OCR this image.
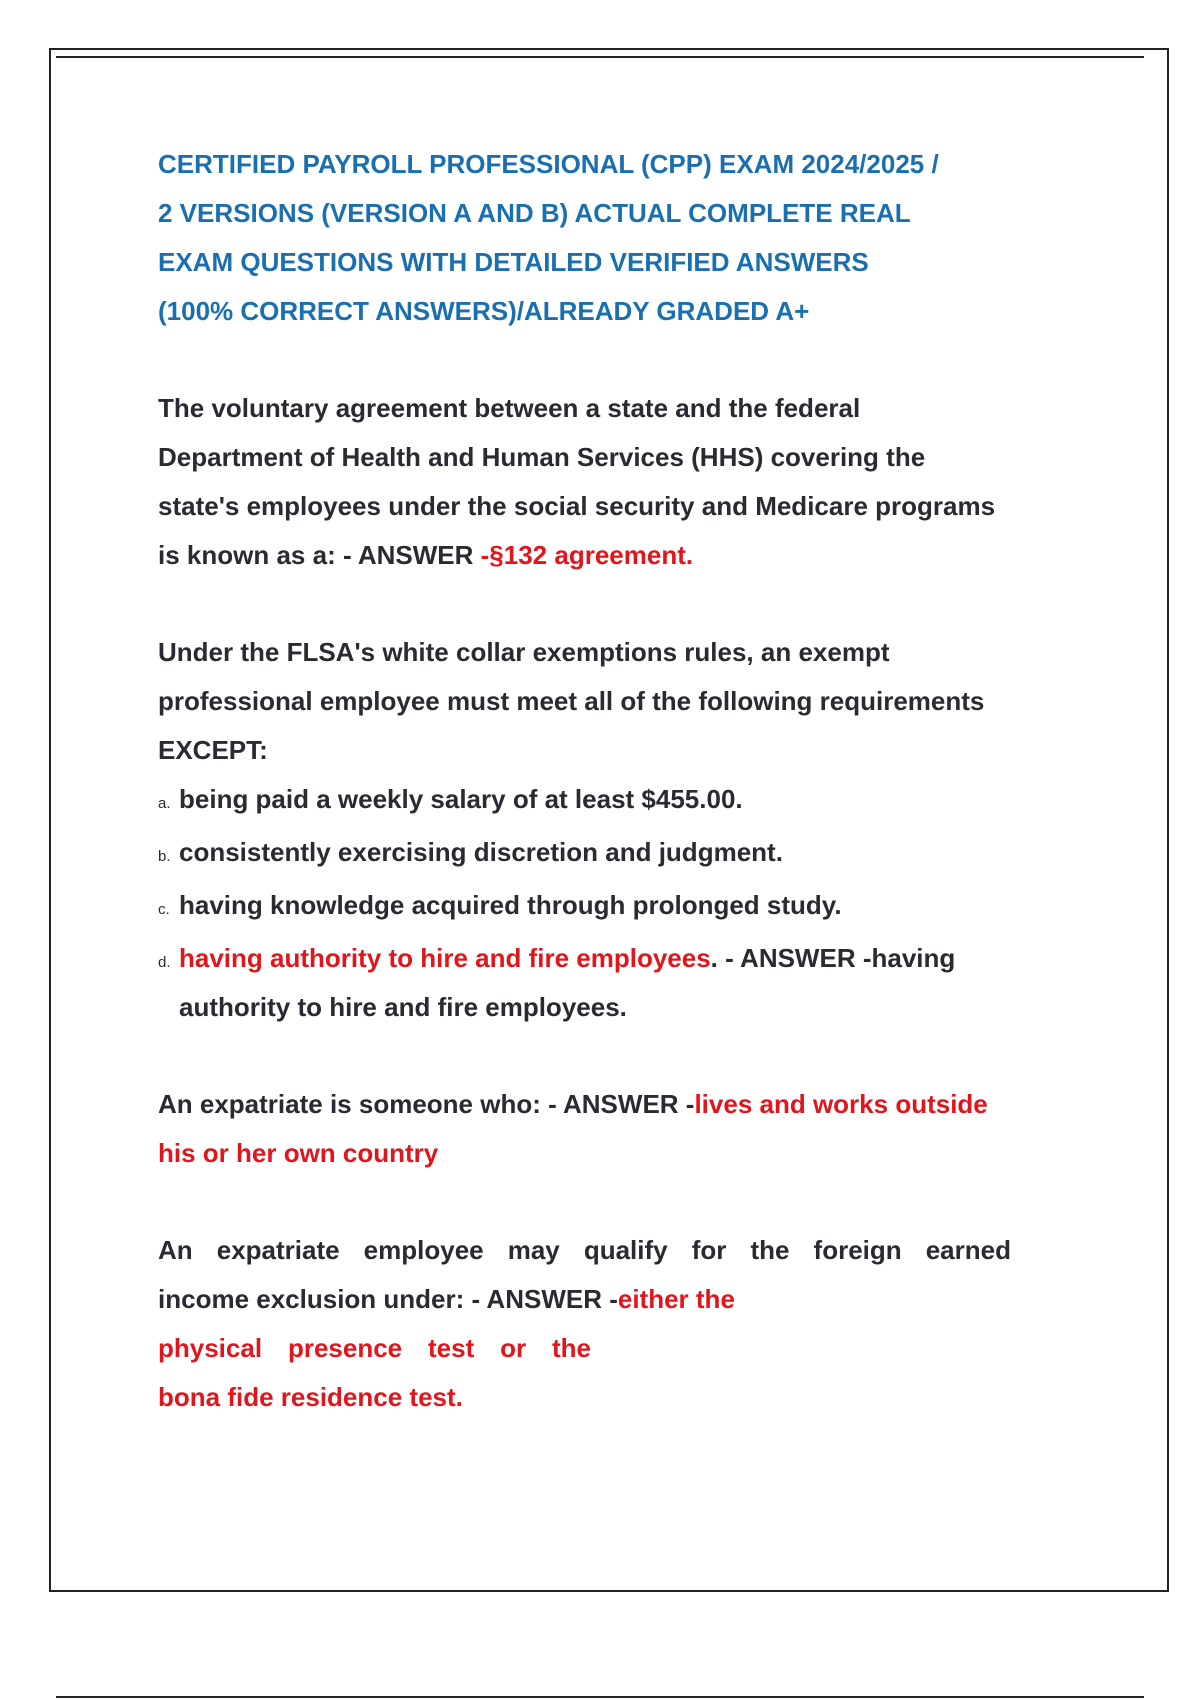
CERTIFIED PAYROLL PROFESSIONAL (CPP) EXAM 2024/2025 /
2 VERSIONS (VERSION A AND B) ACTUAL COMPLETE REAL
EXAM QUESTIONS WITH DETAILED VERIFIED ANSWERS
(100% CORRECT ANSWERS)/ALREADY GRADED A+
The voluntary agreement between a state and the federal
Department of Health and Human Services (HHS) covering the
state's employees under the social security and Medicare programs
is known as a: - ANSWER -§132 agreement.
Under the FLSA's white collar exemptions rules, an exempt
professional employee must meet all of the following requirements
EXCEPT:
a. being paid a weekly salary of at least $455.00.
b. consistently exercising discretion and judgment.
c. having knowledge acquired through prolonged study.
d. having authority to hire and fire employees. - ANSWER -having
authority to hire and fire employees.
An expatriate is someone who: - ANSWER -lives and works outside
his or her own country
An expatriate employee may qualify for the foreign earned
income exclusion under: - ANSWER -either the
physical presence test or the
bona fide residence test.
